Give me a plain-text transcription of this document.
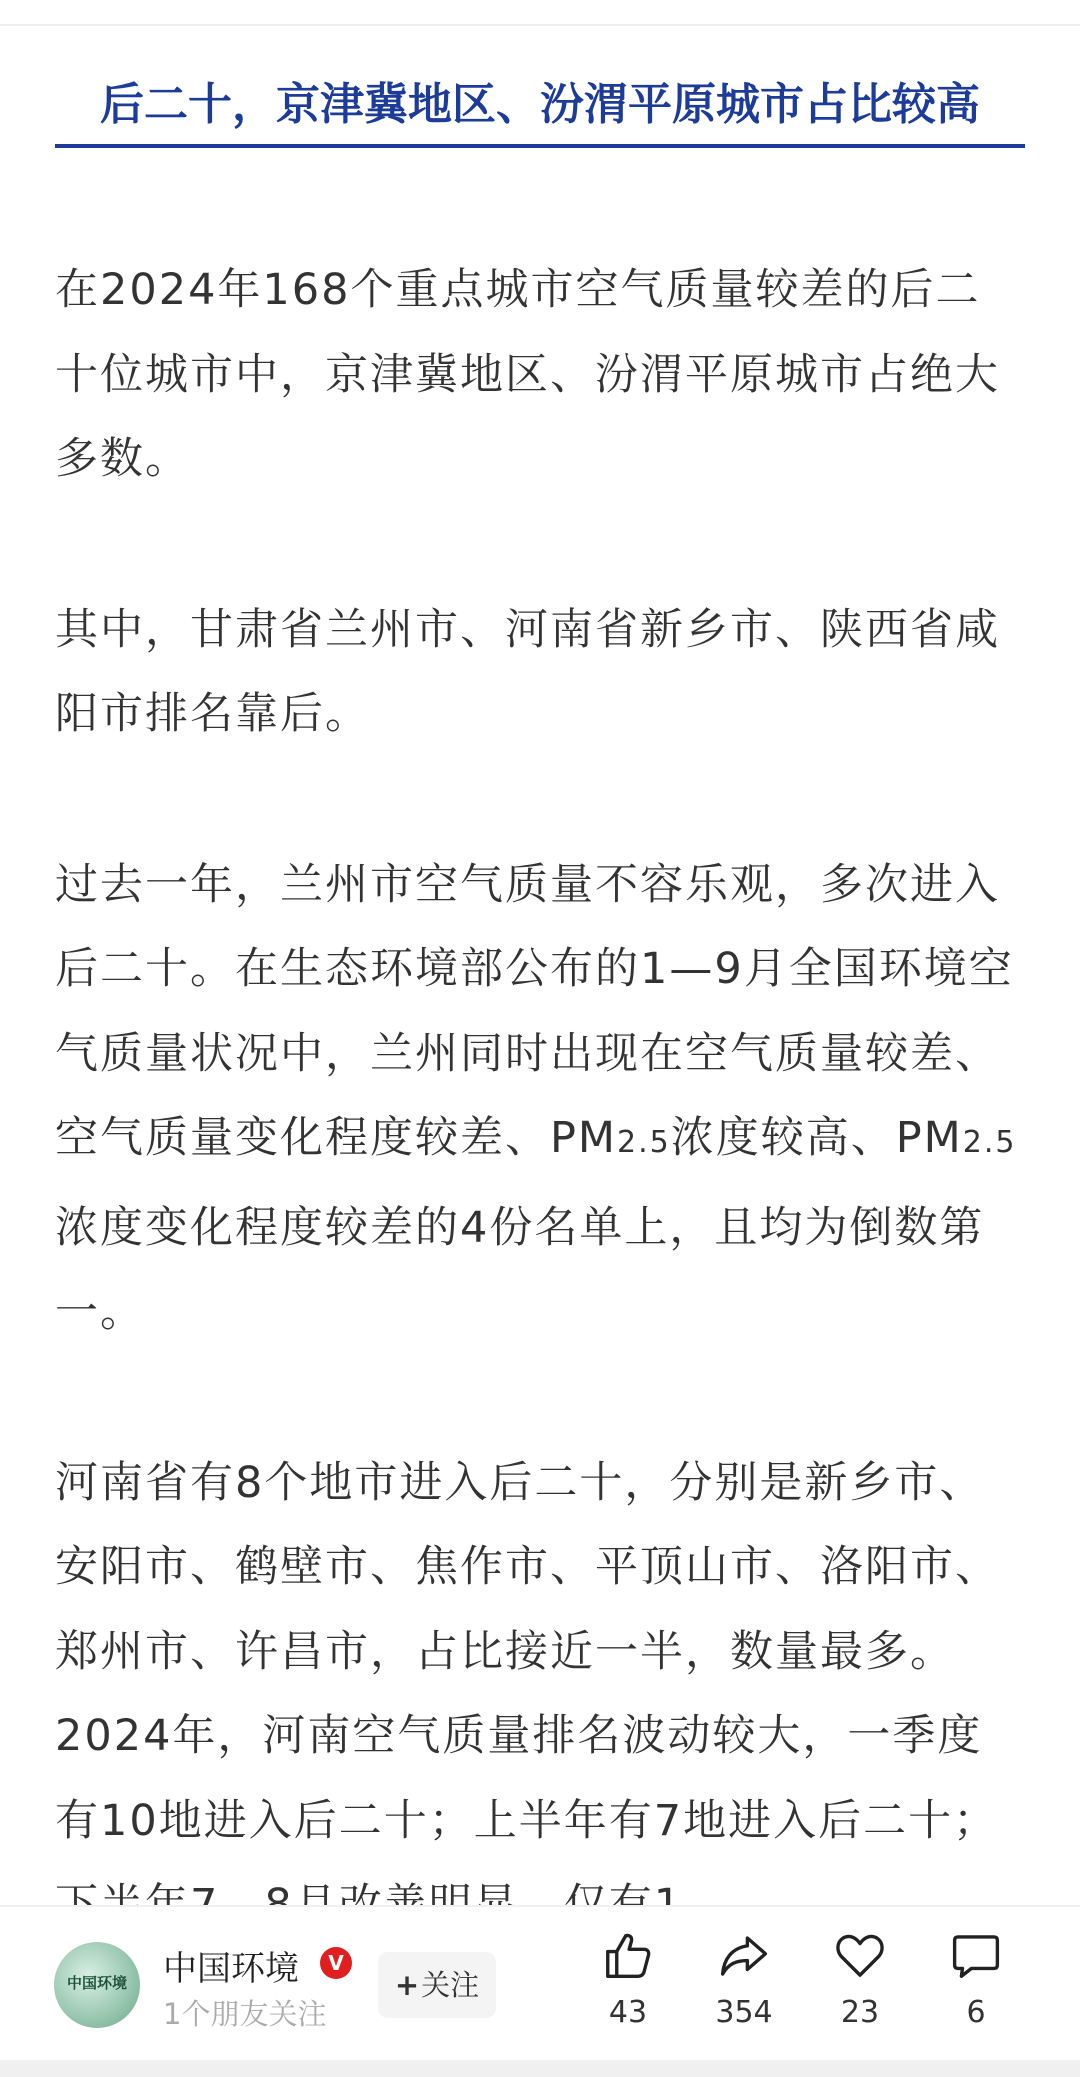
后二十，京津冀地区、汾渭平原城市占比较高

在2024年168个重点城市空气质量较差的后二十位城市中，京津冀地区、汾渭平原城市占绝大多数。

其中，甘肃省兰州市、河南省新乡市、陕西省咸阳市排名靠后。

过去一年，兰州市空气质量不容乐观，多次进入后二十。在生态环境部公布的1—9月全国环境空气质量状况中，兰州同时出现在空气质量较差、空气质量变化程度较差、PM2.5浓度较高、PM2.5浓度变化程度较差的4份名单上，且均为倒数第一。

河南省有8个地市进入后二十，分别是新乡市、安阳市、鹤壁市、焦作市、平顶山市、洛阳市、郑州市、许昌市，占比接近一半，数量最多。2024年，河南空气质量排名波动较大，一季度有10地进入后二十；上半年有7地进入后二十；

中国环境	中国环境	V
1个朋友关注
+关注
43	354	23	6
